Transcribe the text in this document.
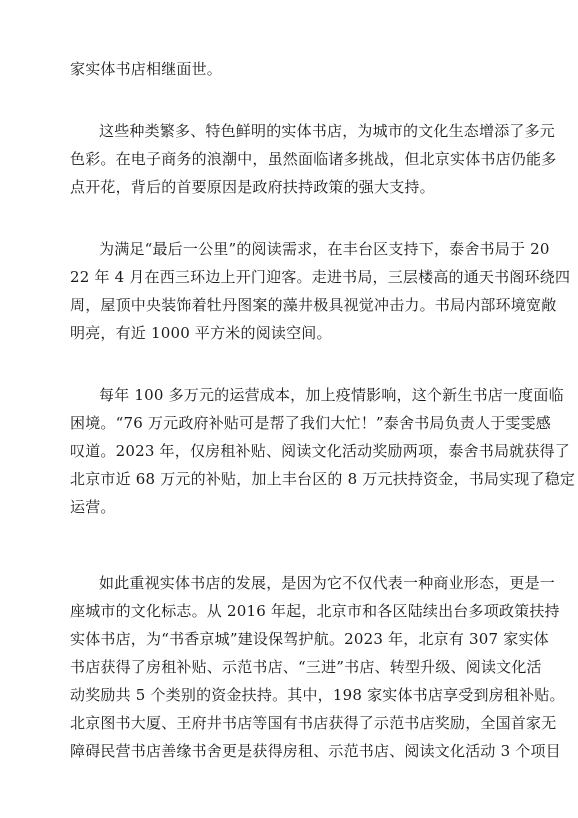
家实体书店相继面世。
这些种类繁多、特色鲜明的实体书店，为城市的文化生态增添了多元
色彩。在电子商务的浪潮中，虽然面临诸多挑战，但北京实体书店仍能多
点开花，背后的首要原因是政府扶持政策的强大支持。
为满足“最后一公里”的阅读需求，在丰台区支持下，泰舍书局于 20
22 年 4 月在西三环边上开门迎客。走进书局，三层楼高的通天书阁环绕四
周，屋顶中央装饰着牡丹图案的藻井极具视觉冲击力。书局内部环境宽敞
明亮，有近 1000 平方米的阅读空间。
每年 100 多万元的运营成本，加上疫情影响，这个新生书店一度面临
困境。“76 万元政府补贴可是帮了我们大忙！”泰舍书局负责人于雯雯感
叹道。2023 年，仅房租补贴、阅读文化活动奖励两项，泰舍书局就获得了
北京市近 68 万元的补贴，加上丰台区的 8 万元扶持资金，书局实现了稳定
运营。
如此重视实体书店的发展，是因为它不仅代表一种商业形态，更是一
座城市的文化标志。从 2016 年起，北京市和各区陆续出台多项政策扶持
实体书店，为“书香京城”建设保驾护航。2023 年，北京有 307 家实体
书店获得了房租补贴、示范书店、“三进”书店、转型升级、阅读文化活
动奖励共 5 个类别的资金扶持。其中，198 家实体书店享受到房租补贴。
北京图书大厦、王府井书店等国有书店获得了示范书店奖励，全国首家无
障碍民营书店善缘书舍更是获得房租、示范书店、阅读文化活动 3 个项目
